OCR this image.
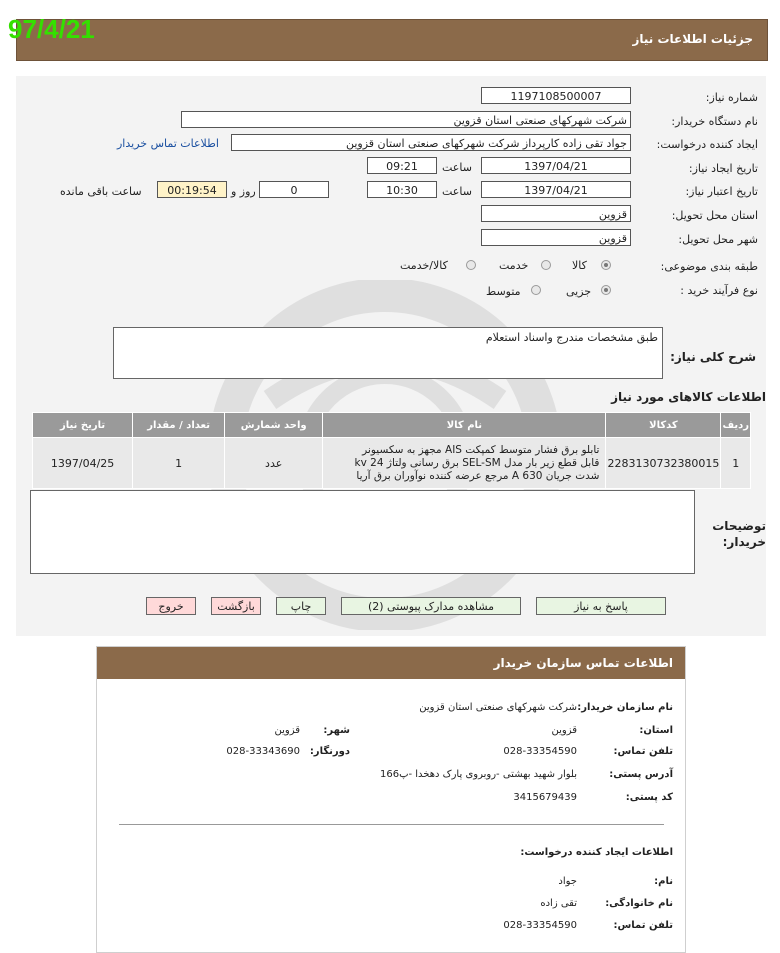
جزئیات اطلاعات نیاز
97/4/21
شماره نیاز:
1197108500007
نام دستگاه خریدار:
شرکت شهرکهای صنعتی استان قزوین
ایجاد کننده درخواست:
جواد تقی زاده کارپرداز شرکت شهرکهای صنعتی استان قزوین
اطلاعات تماس خریدار
تاریخ ایجاد نیاز:
1397/04/21
ساعت
09:21
تاریخ اعتبار نیاز:
1397/04/21
ساعت
10:30
0
روز و
00:19:54
ساعت باقی مانده
استان محل تحویل:
قزوین
شهر محل تحویل:
قزوین
طبقه بندی موضوعی:
کالا
خدمت
کالا/خدمت
نوع فرآیند خرید :
جزیی
متوسط
شرح کلی نیاز:
طبق مشخصات مندرج واسناد استعلام
اطلاعات کالاهای مورد نیاز
ردیف	کدکالا	نام کالا	واحد شمارش	تعداد / مقدار	تاریخ نیاز
1	2283130732380015	تابلو برق فشار متوسط کمپکت AIS مجهز به سکسیونر
قابل قطع زیر بار مدل SEL-SM برق رسانی ولتاژ kv 24
شدت جریان A 630 مرجع عرضه کننده نوآوران برق آریا	عدد	1	1397/04/25
توضیحات خریدار:
پاسخ به نیاز
مشاهده مدارک پیوستی (2)
چاپ
بازگشت
خروج
اطلاعات تماس سازمان خریدار
نام سازمان خریدار:
شرکت شهرکهای صنعتی استان قزوین
استان:
قزوین
شهر:
قزوین
تلفن تماس:
028-33354590
دورنگار:
028-33343690
آدرس پستی:
بلوار شهید بهشتی -روبروی پارک دهخدا -پ166
کد پستی:
3415679439
اطلاعات ایجاد کننده درخواست:
نام:
جواد
نام خانوادگی:
تقی زاده
تلفن تماس:
028-33354590
